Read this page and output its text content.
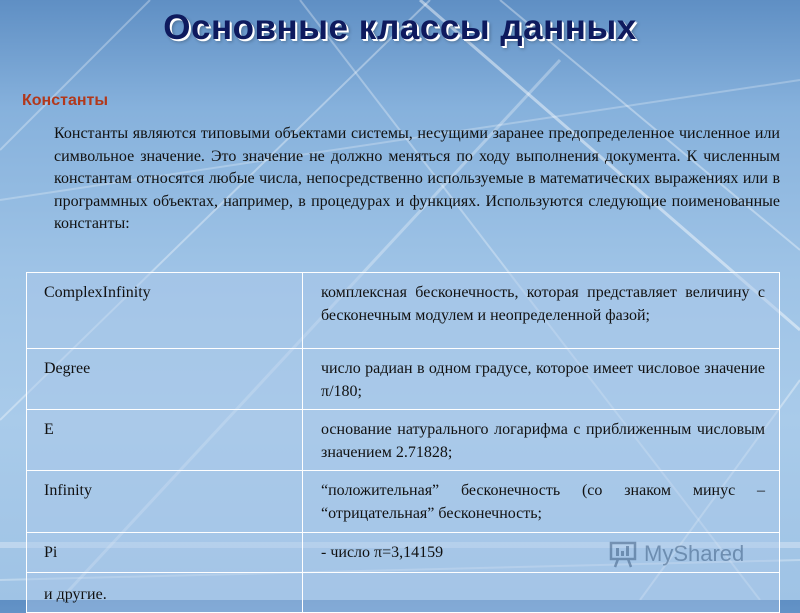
Основные классы данных
Константы
Константы являются типовыми объектами системы, несущими заранее предопределенное численное или символьное значение. Это значение не должно меняться по ходу выполнения документа. К численным константам относятся любые числа, непосредственно используемые в математических выражениях или в программных объектах, например, в процедурах и функциях. Используются следующие поименованные константы:
ComplexInfinity	комплексная бесконечность, которая представляет величину с бесконечным модулем и неопределенной фазой;
Degree	число радиан в одном градусе, которое имеет числовое значение π/180;
E	основание натурального логарифма с приближенным числовым значением 2.71828;
Infinity	“положительная” бесконечность (со знаком минус – “отрицательная” бесконечность;
Pi	- число π=3,14159
и другие.	
MyShared
